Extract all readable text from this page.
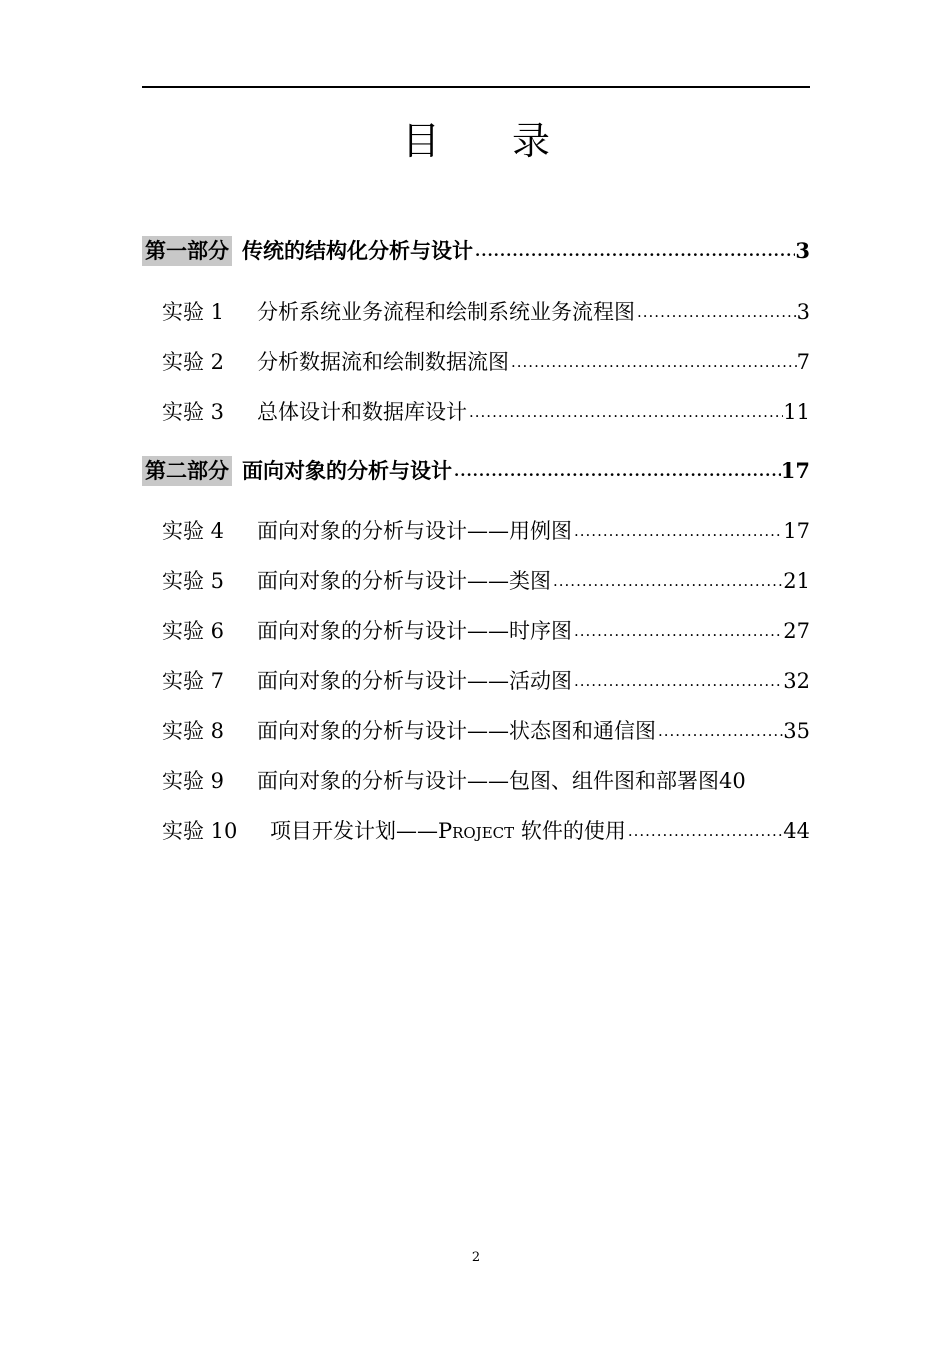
目 录
第一部分 传统的结构化分析与设计 .....	3
实验 1	分析系统业务流程和绘制系统业务流程图 .....	3
实验 2	分析数据流和绘制数据流图 .....	7
实验 3	总体设计和数据库设计 .....	11
第二部分 面向对象的分析与设计 .....	17
实验 4	面向对象的分析与设计——用例图 .....	17
实验 5	面向对象的分析与设计——类图 .....	21
实验 6	面向对象的分析与设计——时序图 .....	27
实验 7	面向对象的分析与设计——活动图 .....	32
实验 8	面向对象的分析与设计——状态图和通信图 .....	35
实验 9	面向对象的分析与设计——包图、组件图和部署图 40
实验 10	项目开发计划——Project 软件的使用 .....	44
2
